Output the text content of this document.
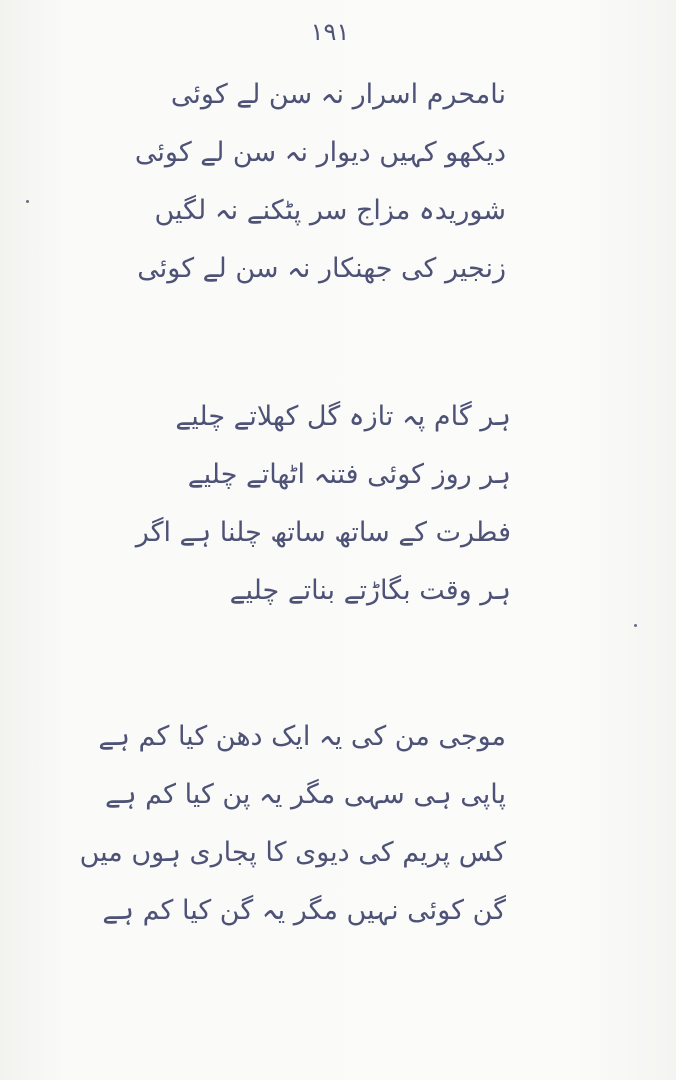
۱۹۱
نامحرم اسرار نہ سن لے کوئی
دیکھو کہیں دیوار نہ سن لے کوئی
شوریدہ مزاج سر پٹکنے نہ لگیں
زنجیر کی جھنکار نہ سن لے کوئی
ہر گام پہ تازہ گل کھلاتے چلیے
ہر روز کوئی فتنہ اٹھاتے چلیے
فطرت کے ساتھ ساتھ چلنا ہے اگر
ہر وقت بگاڑتے بناتے چلیے
موجی من کی یہ ایک دھن کیا کم ہے
پاپی ہی سہی مگر یہ پن کیا کم ہے
کس پریم کی دیوی کا پجاری ہوں میں
گن کوئی نہیں مگر یہ گن کیا کم ہے
